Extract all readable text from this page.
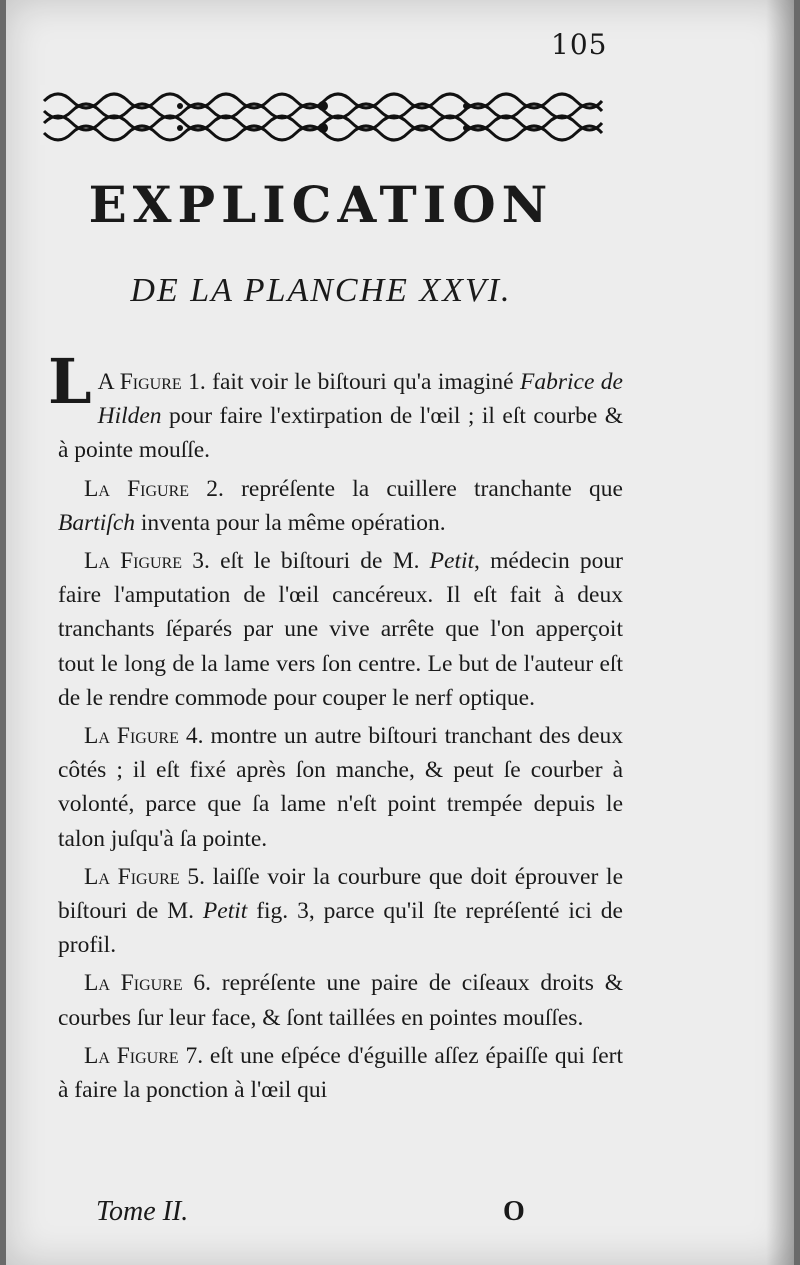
105
EXPLICATION
DE LA PLANCHE XXVI.

L A Figure 1. fait voir le biſtouri qu'a imaginé Fabrice de Hilden pour faire l'extirpation de l'œil ; il eſt courbe & à pointe mouſſe.

La Figure 2. repréſente la cuillere tranchante que Bartiſch inventa pour la même opération.

La Figure 3. eſt le biſtouri de M. Petit, médecin pour faire l'amputation de l'œil cancéreux. Il eſt fait à deux tranchants ſéparés par une vive arrête que l'on apperçoit tout le long de la lame vers ſon centre. Le but de l'auteur eſt de le rendre commode pour couper le nerf optique.

La Figure 4. montre un autre biſtouri tranchant des deux côtés ; il eſt fixé après ſon manche, & peut ſe courber à volonté, parce que ſa lame n'eſt point trempée depuis le talon juſqu'à ſa pointe.

La Figure 5. laiſſe voir la courbure que doit éprouver le biſtouri de M. Petit fig. 3, parce qu'il ſte repréſenté ici de profil.

La Figure 6. repréſente une paire de ciſeaux droits & courbes ſur leur face, & ſont taillées en pointes mouſſes.

La Figure 7. eſt une eſpéce d'éguille aſſez épaiſſe qui ſert à faire la ponction à l'œil qui

Tome II.	O
